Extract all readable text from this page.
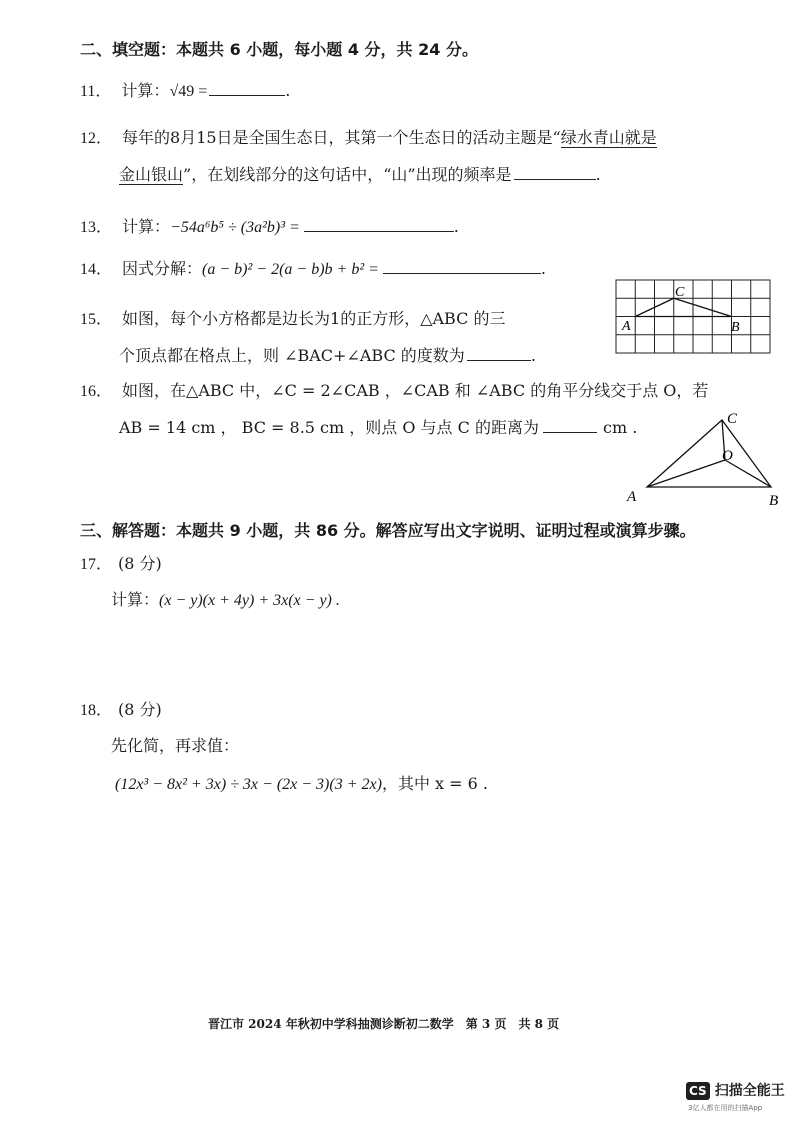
二、填空题：本题共 6 小题，每小题 4 分，共 24 分。
11． 计算：√49 =	.
12． 每年的8月15日是全国生态日，其第一个生态日的活动主题是“绿水青山就是
金山银山”，在划线部分的这句话中，“山”出现的频率是	.
13． 计算：−54a⁶b⁵ ÷ (3a²b)³ =	.
14． 因式分解：(a − b)² − 2(a − b)b + b² =	.
15． 如图，每个小方格都是边长为1的正方形，△ABC 的三
个顶点都在格点上，则 ∠BAC+∠ABC 的度数为	.
A	B
C
16． 如图，在△ABC 中，∠C = 2∠CAB ，∠CAB 和 ∠ABC 的角平分线交于点 O，若
AB = 14 cm ， BC = 8.5 cm ，则点 O 与点 C 的距离为	cm .
A	B
C
O
三、解答题：本题共 9 小题，共 86 分。解答应写出文字说明、证明过程或演算步骤。
17． (8 分)
计算：(x − y)(x + 4y) + 3x(x − y) .
18． (8 分)
先化简，再求值：
(12x³ − 8x² + 3x) ÷ 3x − (2x − 3)(3 + 2x)，其中 x = 6 .
晋江市 2024 年秋初中学科抽测诊断初二数学　第 3 页　共 8 页
CS 扫描全能王
3亿人都在用的扫描App
